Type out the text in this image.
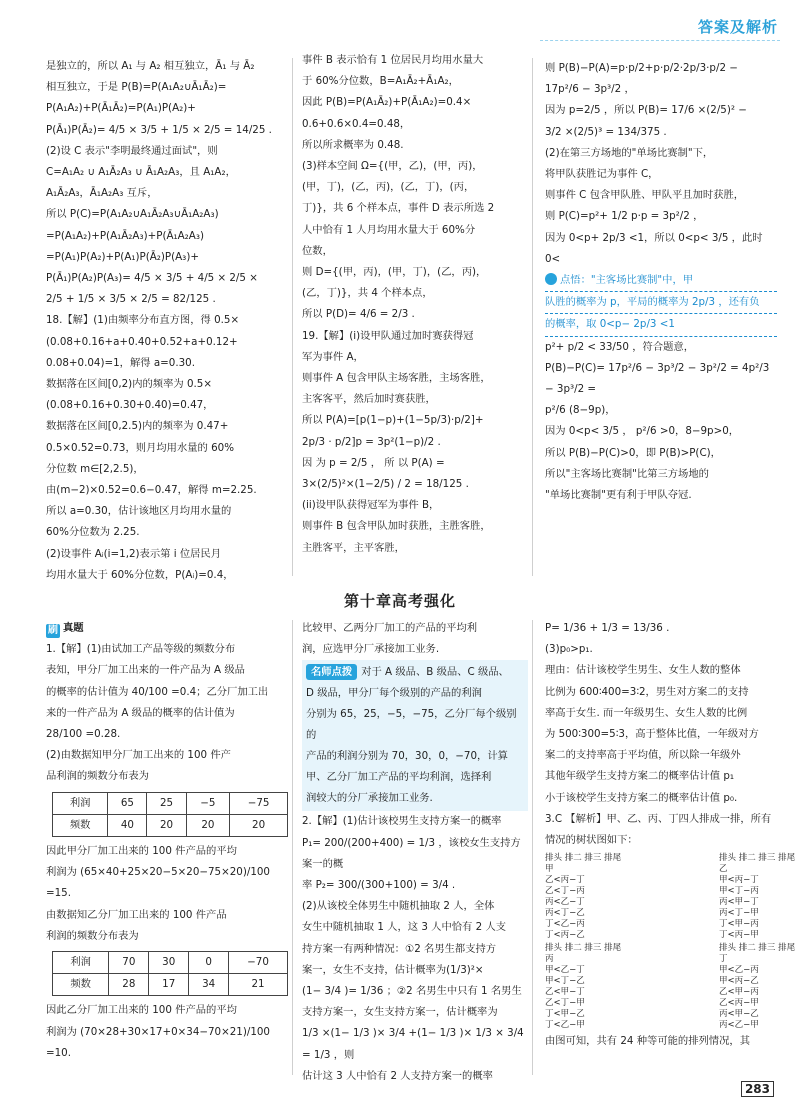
答案及解析

是独立的，所以 A₁ 与 A₂ 相互独立，Ā₁ 与 Ā₂

相互独立，于是 P(B)=P(A₁A₂∪Ā₁Ā₂)=

P(A₁A₂)+P(Ā₁Ā₂)=P(A₁)P(A₂)+

P(Ā₁)P(Ā₂)= 4/5 × 3/5 + 1/5 × 2/5 = 14/25 .

(2)设 C 表示"李明最终通过面试"，则

C=A₁A₂ ∪ A₁Ā₂A₃ ∪ Ā₁A₂A₃，且 A₁A₂，

A₁Ā₂A₃，Ā₁A₂A₃ 互斥，

所以 P(C)=P(A₁A₂∪A₁Ā₂A₃∪Ā₁A₂A₃)

=P(A₁A₂)+P(A₁Ā₂A₃)+P(Ā₁A₂A₃)

=P(A₁)P(A₂)+P(A₁)P(Ā₂)P(A₃)+

P(Ā₁)P(A₂)P(A₃)= 4/5 × 3/5 + 4/5 × 2/5 ×

2/5 + 1/5 × 3/5 × 2/5 = 82/125 .

18.【解】(1)由频率分布直方图，得 0.5×

(0.08+0.16+a+0.40+0.52+a+0.12+

0.08+0.04)=1，解得 a=0.30.

数据落在区间[0,2)内的频率为 0.5×

(0.08+0.16+0.30+0.40)=0.47，

数据落在区间[0,2.5)内的频率为 0.47+

0.5×0.52=0.73，则月均用水量的 60%

分位数 m∈[2,2.5)，

由(m−2)×0.52=0.6−0.47，解得 m=2.25.

所以 a=0.30，估计该地区月均用水量的

60%分位数为 2.25.

(2)设事件 Aᵢ(i=1,2)表示第 i 位居民月

均用水量大于 60%分位数，P(Aᵢ)=0.4，

事件 B 表示恰有 1 位居民月均用水量大

于 60%分位数，B=A₁Ā₂+Ā₁A₂，

因此 P(B)=P(A₁Ā₂)+P(Ā₁A₂)=0.4×

0.6+0.6×0.4=0.48，

所以所求概率为 0.48.

(3)样本空间 Ω={(甲，乙)，(甲，丙)，

(甲，丁)，(乙，丙)，(乙，丁)，(丙，

丁)}，共 6 个样本点，事件 D 表示所选 2

人中恰有 1 人月均用水量大于 60%分

位数，

则 D={(甲，丙)，(甲，丁)，(乙，丙)，

(乙，丁)}，共 4 个样本点，

所以 P(D)= 4/6 = 2/3 .

19.【解】(i)设甲队通过加时赛获得冠

军为事件 A，

则事件 A 包含甲队主场客胜，主场客胜，

主客客平，然后加时赛获胜，

所以 P(A)=[p(1−p)+(1−5p/3)·p/2]+

2p/3 · p/2]p = 3p²(1−p)/2 .

因 为 p = 2/5 ， 所 以 P(A) =

3×(2/5)²×(1−2/5) / 2 = 18/125 .

(ii)设甲队获得冠军为事件 B，

则事件 B 包含甲队加时获胜，主胜客胜，

主胜客平，主平客胜，

则 P(B)−P(A)=p·p/2+p·p/2·2p/3·p/2 −

17p²/6 − 3p³/2 ，

因为 p=2/5 ，所以 P(B)= 17/6 ×(2/5)² −

3/2 ×(2/5)³ = 134/375 .

(2)在第三方场地的"单场比赛制"下，

将甲队获胜记为事件 C，

则事件 C 包含甲队胜、甲队平且加时获胜，

则 P(C)=p²+ 1/2 p·p = 3p²/2 ，

因为 0<p+ 2p/3 <1，所以 0<p< 3/5 ，此时 0<

点悟："主客场比赛制"中，甲

队胜的概率为 p，平局的概率为 2p/3 ，还有负

的概率，取 0<p− 2p/3 <1

p²+ p/2 < 33/50 ，符合题意，

P(B)−P(C)= 17p²/6 − 3p³/2 − 3p²/2 = 4p²/3 − 3p³/2 =

p²/6 (8−9p)，

因为 0<p< 3/5 ， p²/6 >0，8−9p>0，

所以 P(B)−P(C)>0，即 P(B)>P(C)，

所以"主客场比赛制"比第三方场地的

"单场比赛制"更有利于甲队夺冠.

第十章高考强化

刷 真题

1.【解】(1)由试加工产品等级的频数分布

表知，甲分厂加工出来的一件产品为 A 级品

的概率的估计值为 40/100 =0.4；乙分厂加工出

来的一件产品为 A 级品的概率的估计值为

28/100 =0.28.

(2)由数据知甲分厂加工出来的 100 件产

品利润的频数分布表为

利润	65	25	−5	−75
频数	40	20	20	20

因此甲分厂加工出来的 100 件产品的平均

利润为 (65×40+25×20−5×20−75×20)/100 =15.

由数据知乙分厂加工出来的 100 件产品

利润的频数分布表为

利润	70	30	0	−70
频数	28	17	34	21

因此乙分厂加工出来的 100 件产品的平均

利润为 (70×28+30×17+0×34−70×21)/100 =10.

比较甲、乙两分厂加工的产品的平均利

润，应选甲分厂承接加工业务.

名师点拨 对于 A 级品、B 级品、C 级品、

D 级品，甲分厂每个级别的产品的利润

分别为 65，25，−5，−75，乙分厂每个级别的

产品的利润分别为 70，30，0，−70，计算

甲、乙分厂加工产品的平均利润，选择利

润较大的分厂承接加工业务.

2.【解】(1)估计该校男生支持方案一的概率

P₁= 200/(200+400) = 1/3 ，该校女生支持方案一的概

率 P₂= 300/(300+100) = 3/4 .

(2)从该校全体男生中随机抽取 2 人，全体

女生中随机抽取 1 人，这 3 人中恰有 2 人支

持方案一有两种情况：①2 名男生都支持方

案一，女生不支持，估计概率为(1/3)²×

(1− 3/4 )= 1/36 ；②2 名男生中只有 1 名男生

支持方案一，女生支持方案一，估计概率为

1/3 ×(1− 1/3 )× 3/4 +(1− 1/3 )× 1/3 × 3/4 = 1/3 ，则

估计这 3 人中恰有 2 人支持方案一的概率

P= 1/36 + 1/3 = 13/36 .

(3)p₀>p₁.

理由：估计该校学生男生、女生人数的整体

比例为 600∶400=3∶2，男生对方案二的支持

率高于女生. 而一年级男生、女生人数的比例

为 500∶300=5∶3，高于整体比值，一年级对方

案二的支持率高于平均值，所以除一年级外

其他年级学生支持方案二的概率估计值 p₁

小于该校学生支持方案二的概率估计值 p₀.

3.C 【解析】甲、乙、丙、丁四人排成一排，所有

情况的树状图如下：

排头 排二 排三 排尾
甲
乙<丙−丁
乙<丁−丙
丙<乙−丁
丙<丁−乙
丁<乙−丙
丁<丙−乙
排头 排二 排三 排尾
乙
甲<丙−丁
甲<丁−丙
丙<甲−丁
丙<丁−甲
丁<甲−丙
丁<丙−甲
排头 排二 排三 排尾
丙
甲<乙−丁
甲<丁−乙
乙<甲−丁
乙<丁−甲
丁<甲−乙
丁<乙−甲
排头 排二 排三 排尾
丁
甲<乙−丙
甲<丙−乙
乙<甲−丙
乙<丙−甲
丙<甲−乙
丙<乙−甲

由图可知，共有 24 种等可能的排列情况，其

283
